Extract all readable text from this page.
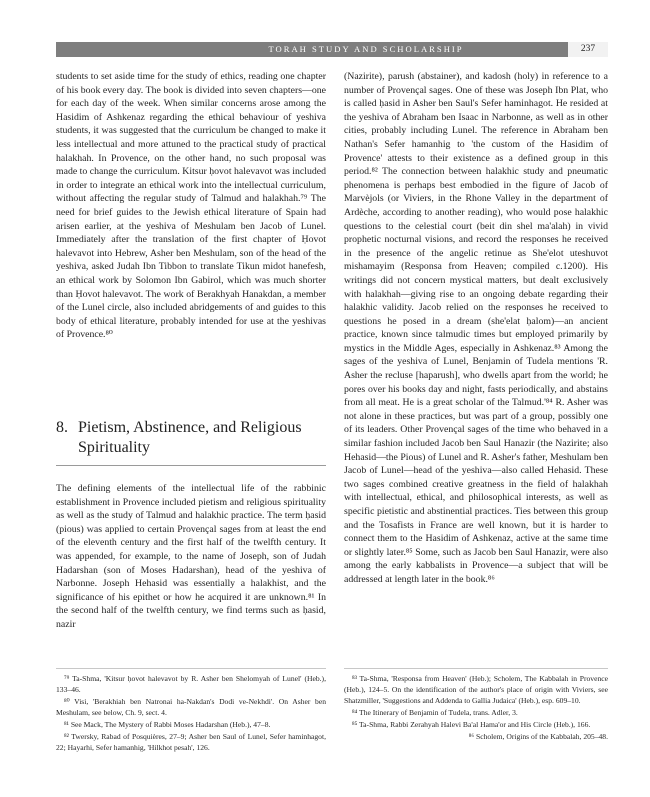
TORAH STUDY AND SCHOLARSHIP	237

students to set aside time for the study of ethics, reading one chapter of his book every day. The book is divided into seven chapters—one for each day of the week. When similar concerns arose among the Hasidim of Ashkenaz regarding the ethical behaviour of yeshiva students, it was suggested that the curriculum be changed to make it less intellectual and more attuned to the practical study of practical halakhah. In Provence, on the other hand, no such proposal was made to change the curriculum. Kitsur ḥovot halevavot was included in order to integrate an ethical work into the intellectual curriculum, without affecting the regular study of Talmud and halakhah.⁷⁹ The need for brief guides to the Jewish ethical literature of Spain had arisen earlier, at the yeshiva of Meshulam ben Jacob of Lunel. Immediately after the translation of the first chapter of Ḥovot halevavot into Hebrew, Asher ben Meshulam, son of the head of the yeshiva, asked Judah Ibn Tibbon to translate Tikun midot hanefesh, an ethical work by Solomon Ibn Gabirol, which was much shorter than Ḥovot halevavot. The work of Berakhyah Hanakdan, a member of the Lunel circle, also included abridgements of and guides to this body of ethical literature, probably intended for use at the yeshivas of Provence.⁸⁰

8. Pietism, Abstinence, and Religious
Spirituality

The defining elements of the intellectual life of the rabbinic establishment in Provence included pietism and religious spirituality as well as the study of Talmud and halakhic practice. The term ḥasid (pious) was applied to certain Provençal sages from at least the end of the eleventh century and the first half of the twelfth century. It was appended, for example, to the name of Joseph, son of Judah Hadarshan (son of Moses Hadarshan), head of the yeshiva of Narbonne. Joseph Hehasid was essentially a halakhist, and the significance of his epithet or how he acquired it are unknown.⁸¹ In the second half of the twelfth century, we find terms such as ḥasid, nazir

(Nazirite), parush (abstainer), and kadosh (holy) in reference to a number of Provençal sages. One of these was Joseph Ibn Plat, who is called ḥasid in Asher ben Saul's Sefer haminhagot. He resided at the yeshiva of Abraham ben Isaac in Narbonne, as well as in other cities, probably including Lunel. The reference in Abraham ben Nathan's Sefer hamanhig to 'the custom of the Hasidim of Provence' attests to their existence as a defined group in this period.⁸² The connection between halakhic study and pneumatic phenomena is perhaps best embodied in the figure of Jacob of Marvèjols (or Viviers, in the Rhone Valley in the department of Ardèche, according to another reading), who would pose halakhic questions to the celestial court (beit din shel ma'alah) in vivid prophetic nocturnal visions, and record the responses he received in the presence of the angelic retinue as She'elot uteshuvot mishamayim (Responsa from Heaven; compiled c.1200). His writings did not concern mystical matters, but dealt exclusively with halakhah—giving rise to an ongoing debate regarding their halakhic validity. Jacob relied on the responses he received to questions he posed in a dream (she'elat ḥalom)—an ancient practice, known since talmudic times but employed primarily by mystics in the Middle Ages, especially in Ashkenaz.⁸³ Among the sages of the yeshiva of Lunel, Benjamin of Tudela mentions 'R. Asher the recluse [haparush], who dwells apart from the world; he pores over his books day and night, fasts periodically, and abstains from all meat. He is a great scholar of the Talmud.'⁸⁴ R. Asher was not alone in these practices, but was part of a group, possibly one of its leaders. Other Provençal sages of the time who behaved in a similar fashion included Jacob ben Saul Hanazir (the Nazirite; also Hehasid—the Pious) of Lunel and R. Asher's father, Meshulam ben Jacob of Lunel—head of the yeshiva—also called Hehasid. These two sages combined creative greatness in the field of halakhah with intellectual, ethical, and philosophical interests, as well as specific pietistic and abstinential practices. Ties between this group and the Tosafists in France are well known, but it is harder to connect them to the Hasidim of Ashkenaz, active at the same time or slightly later.⁸⁵ Some, such as Jacob ben Saul Hanazir, were also among the early kabbalists in Provence—a subject that will be addressed at length later in the book.⁸⁶

⁷⁹ Ta-Shma, 'Kitsur ḥovot halevavot by R. Asher ben Shelomyah of Lunel' (Heb.), 133–46.

⁸⁰ Visi, 'Berakhiah ben Natronai ha-Nakdan's Dodi ve-Nekhdi'. On Asher ben Meshulam, see below, Ch. 9, sect. 4.

⁸¹ See Mack, The Mystery of Rabbi Moses Hadarshan (Heb.), 47–8.

⁸² Twersky, Rabad of Posquières, 27–9; Asher ben Saul of Lunel, Sefer haminhagot, 22; Hayarhi, Sefer hamanhig, 'Hilkhot pesah', 126.

⁸³ Ta-Shma, 'Responsa from Heaven' (Heb.); Scholem, The Kabbalah in Provence (Heb.), 124–5. On the identification of the author's place of origin with Viviers, see Shatzmiller, 'Suggestions and Addenda to Gallia Judaica' (Heb.), esp. 609–10.

⁸⁴ The Itinerary of Benjamin of Tudela, trans. Adler, 3.

⁸⁵ Ta-Shma, Rabbi Zerahyah Halevi Ba'al Hama'or and His Circle (Heb.), 166.

⁸⁶ Scholem, Origins of the Kabbalah, 205–48.
